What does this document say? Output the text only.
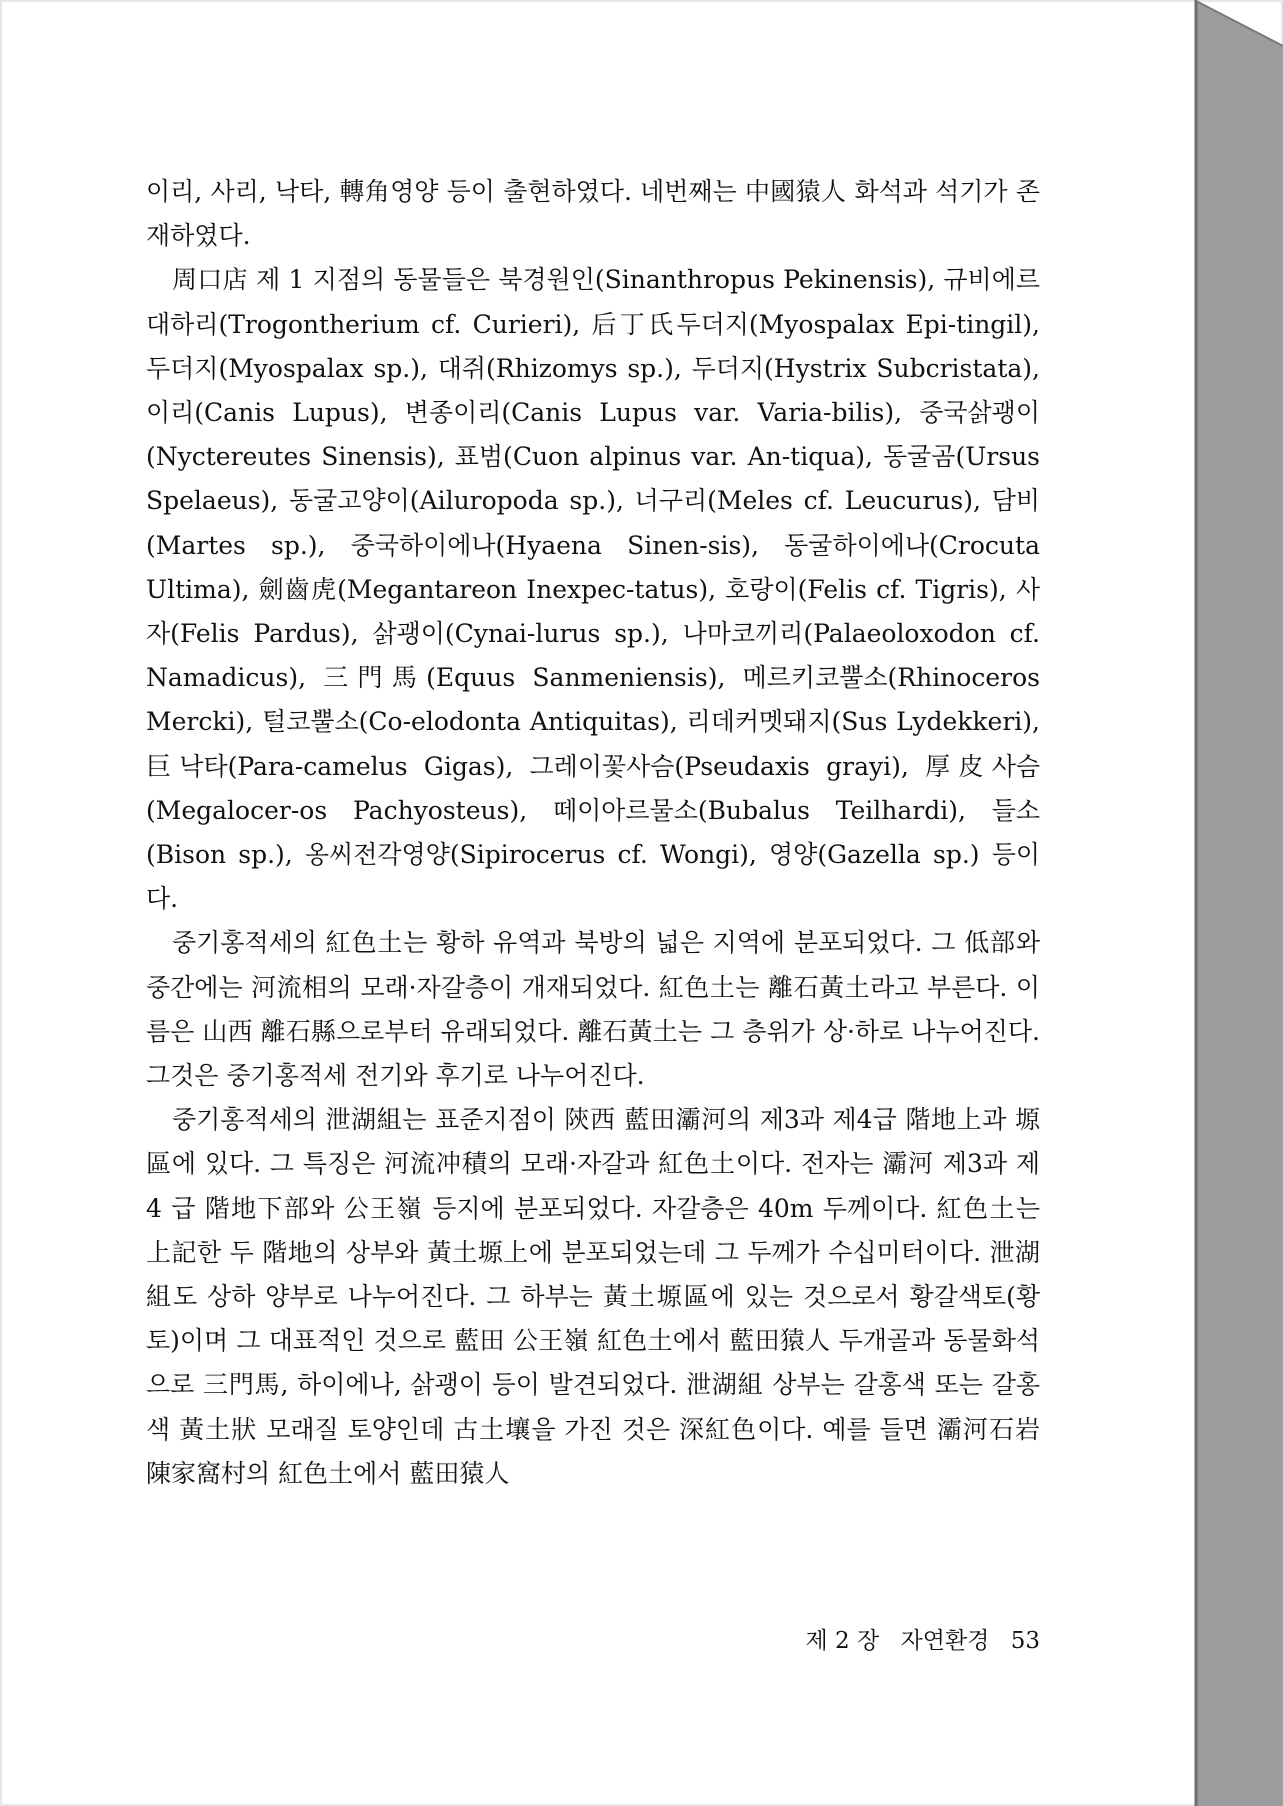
이리, 사리, 낙타, 轉角영양 등이 출현하였다. 네번째는 中國猿人 화석과 석기가 존재하였다.

周口店 제 1 지점의 동물들은 북경원인(Sinanthropus Pekinensis), 규비에르대하리(Trogontherium cf. Curieri), 后丁氏두더지(Myospalax Epi-tingil), 두더지(Myospalax sp.), 대쥐(Rhizomys sp.), 두더지(Hystrix Subcristata), 이리(Canis Lupus), 변종이리(Canis Lupus var. Varia-bilis), 중국삵괭이(Nyctereutes Sinensis), 표범(Cuon alpinus var. An-tiqua), 동굴곰(Ursus Spelaeus), 동굴고양이(Ailuropoda sp.), 너구리(Meles cf. Leucurus), 담비(Martes sp.), 중국하이에나(Hyaena Sinen-sis), 동굴하이에나(Crocuta Ultima), 劍齒虎(Megantareon Inexpec-tatus), 호랑이(Felis cf. Tigris), 사자(Felis Pardus), 삵괭이(Cynai-lurus sp.), 나마코끼리(Palaeoloxodon cf. Namadicus), 三門馬(Equus Sanmeniensis), 메르키코뿔소(Rhinoceros Mercki), 털코뿔소(Co-elodonta Antiquitas), 리데커멧돼지(Sus Lydekkeri), 巨낙타(Para-camelus Gigas), 그레이꽃사슴(Pseudaxis grayi), 厚皮사슴(Megalocer-os Pachyosteus), 떼이아르물소(Bubalus Teilhardi), 들소(Bison sp.), 옹씨전각영양(Sipirocerus cf. Wongi), 영양(Gazella sp.) 등이다.

중기홍적세의 紅色土는 황하 유역과 북방의 넓은 지역에 분포되었다. 그 低部와 중간에는 河流相의 모래·자갈층이 개재되었다. 紅色土는 離石黃土라고 부른다. 이름은 山西 離石縣으로부터 유래되었다. 離石黃土는 그 층위가 상·하로 나누어진다. 그것은 중기홍적세 전기와 후기로 나누어진다.

중기홍적세의 泄湖組는 표준지점이 陝西 藍田灞河의 제3과 제4급 階地上과 塬區에 있다. 그 특징은 河流冲積의 모래·자갈과 紅色土이다. 전자는 灞河 제3과 제 4 급 階地下部와 公王嶺 등지에 분포되었다. 자갈층은 40m 두께이다. 紅色土는 上記한 두 階地의 상부와 黃土塬上에 분포되었는데 그 두께가 수십미터이다. 泄湖組도 상하 양부로 나누어진다. 그 하부는 黃土塬區에 있는 것으로서 황갈색토(황토)이며 그 대표적인 것으로 藍田 公王嶺 紅色土에서 藍田猿人 두개골과 동물화석으로 三門馬, 하이에나, 삵괭이 등이 발견되었다. 泄湖組 상부는 갈홍색 또는 갈홍색 黃土狀 모래질 토양인데 古土壤을 가진 것은 深紅色이다. 예를 들면 灞河石岩 陳家窩村의 紅色土에서 藍田猿人

제 2 장 자연환경 53
